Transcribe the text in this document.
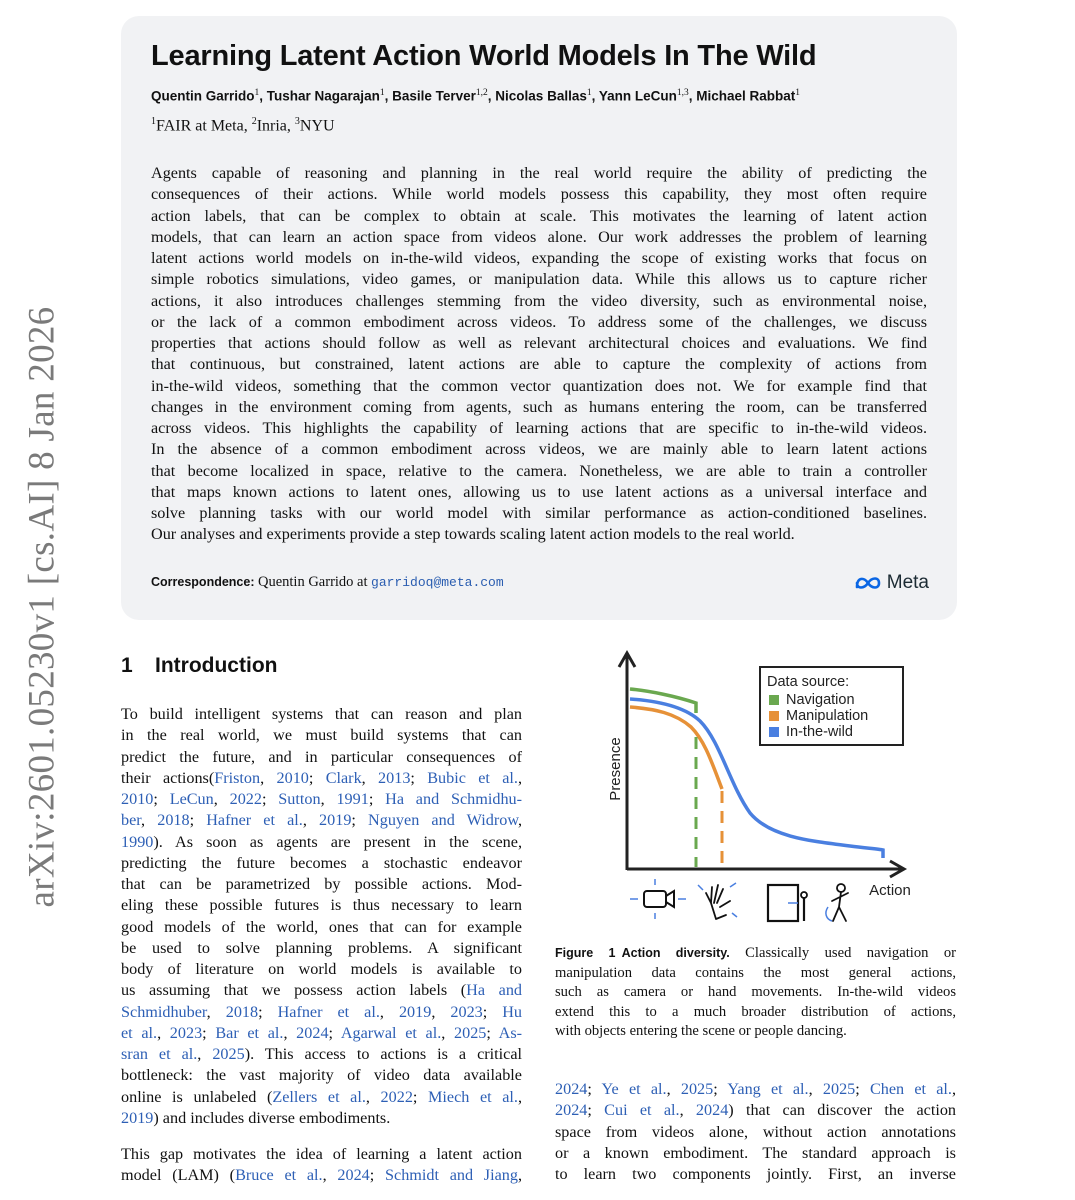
arXiv:2601.05230v1 [cs.AI] 8 Jan 2026
Learning Latent Action World Models In The Wild
Quentin Garrido$^1$, Tushar Nagarajan$^1$, Basile Terver$^{1,2}$, Nicolas Ballas$^1$, Yann LeCun$^{1,3}$, Michael Rabbat$^1$
$^1$FAIR at Meta, $^2$Inria, $^3$NYU
Agents capable of reasoning and planning in the real world require the ability of predicting the
consequences of their actions. While world models possess this capability, they most often require
action labels, that can be complex to obtain at scale. This motivates the learning of latent action
models, that can learn an action space from videos alone. Our work addresses the problem of learning
latent actions world models on in-the-wild videos, expanding the scope of existing works that focus on
simple robotics simulations, video games, or manipulation data. While this allows us to capture richer
actions, it also introduces challenges stemming from the video diversity, such as environmental noise,
or the lack of a common embodiment across videos. To address some of the challenges, we discuss
properties that actions should follow as well as relevant architectural choices and evaluations. We find
that continuous, but constrained, latent actions are able to capture the complexity of actions from
in-the-wild videos, something that the common vector quantization does not. We for example find that
changes in the environment coming from agents, such as humans entering the room, can be transferred
across videos. This highlights the capability of learning actions that are specific to in-the-wild videos.
In the absence of a common embodiment across videos, we are mainly able to learn latent actions
that become localized in space, relative to the camera. Nonetheless, we are able to train a controller
that maps known actions to latent ones, allowing us to use latent actions as a universal interface and
solve planning tasks with our world model with similar performance as action-conditioned baselines.
Our analyses and experiments provide a step towards scaling latent action models to the real world.
Correspondence: Quentin Garrido at garridoq@meta.com	Meta
1 Introduction
To build intelligent systems that can reason and plan
in the real world, we must build systems that can
predict the future, and in particular consequences of
their actions(Friston, 2010; Clark, 2013; Bubic et al.,
2010; LeCun, 2022; Sutton, 1991; Ha and Schmidhu-
ber, 2018; Hafner et al., 2019; Nguyen and Widrow,
1990). As soon as agents are present in the scene,
predicting the future becomes a stochastic endeavor
that can be parametrized by possible actions. Mod-
eling these possible futures is thus necessary to learn
good models of the world, ones that can for example
be used to solve planning problems. A significant
body of literature on world models is available to
us assuming that we possess action labels (Ha and
Schmidhuber, 2018; Hafner et al., 2019, 2023; Hu
et al., 2023; Bar et al., 2024; Agarwal et al., 2025; As-
sran et al., 2025). This access to actions is a critical
bottleneck: the vast majority of video data available
online is unlabeled (Zellers et al., 2022; Miech et al.,
2019) and includes diverse embodiments.
This gap motivates the idea of learning a latent action
model (LAM) (Bruce et al., 2024; Schmidt and Jiang,
Presence
Action
Data source:
Navigation
Manipulation
In-the-wild
Figure 1  Action diversity. Classically used navigation or
manipulation data contains the most general actions,
such as camera or hand movements. In-the-wild videos
extend this to a much broader distribution of actions,
with objects entering the scene or people dancing.
2024; Ye et al., 2025; Yang et al., 2025; Chen et al.,
2024; Cui et al., 2024) that can discover the action
space from videos alone, without action annotations
or a known embodiment. The standard approach is
to learn two components jointly. First, an inverse
